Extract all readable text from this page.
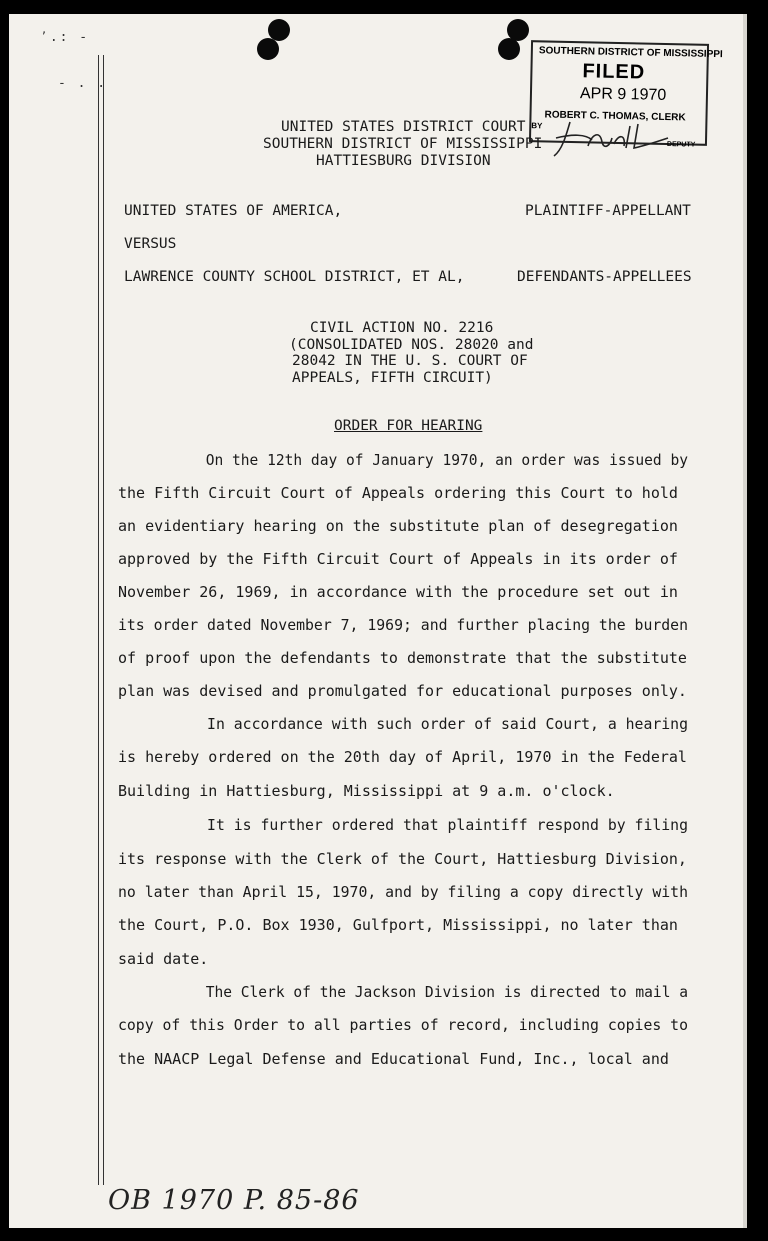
՚.: -
- . .
SOUTHERN DISTRICT OF MISSISSIPPI
FILED
APR 9 1970
ROBERT C. THOMAS, CLERK
BY
DEPUTY
UNITED STATES DISTRICT COURT
SOUTHERN DISTRICT OF MISSISSIPPI
HATTIESBURG DIVISION
UNITED STATES OF AMERICA,	PLAINTIFF-APPELLANT
VERSUS
LAWRENCE COUNTY SCHOOL DISTRICT, ET AL,	DEFENDANTS-APPELLEES
CIVIL ACTION NO. 2216
(CONSOLIDATED NOS. 28020 and
28042 IN THE U. S. COURT OF
APPEALS, FIFTH CIRCUIT)
ORDER FOR HEARING
On the 12th day of January 1970, an order was issued by
the Fifth Circuit Court of Appeals ordering this Court to hold
an evidentiary hearing on the substitute plan of desegregation
approved by the Fifth Circuit Court of Appeals in its order of
November 26, 1969, in accordance with the procedure set out in
its order dated November 7, 1969; and further placing the burden
of proof upon the defendants to demonstrate that the substitute
plan was devised and promulgated for educational purposes only.
In accordance with such order of said Court, a hearing
is hereby ordered on the 20th day of April, 1970 in the Federal
Building in Hattiesburg, Mississippi at 9 a.m. o'clock.
It is further ordered that plaintiff respond by filing
its response with the Clerk of the Court, Hattiesburg Division,
no later than April 15, 1970, and by filing a copy directly with
the Court, P.O. Box 1930, Gulfport, Mississippi, no later than
said date.
The Clerk of the Jackson Division is directed to mail a
copy of this Order to all parties of record, including copies to
the NAACP Legal Defense and Educational Fund, Inc., local and
OB 1970 P. 85-86
